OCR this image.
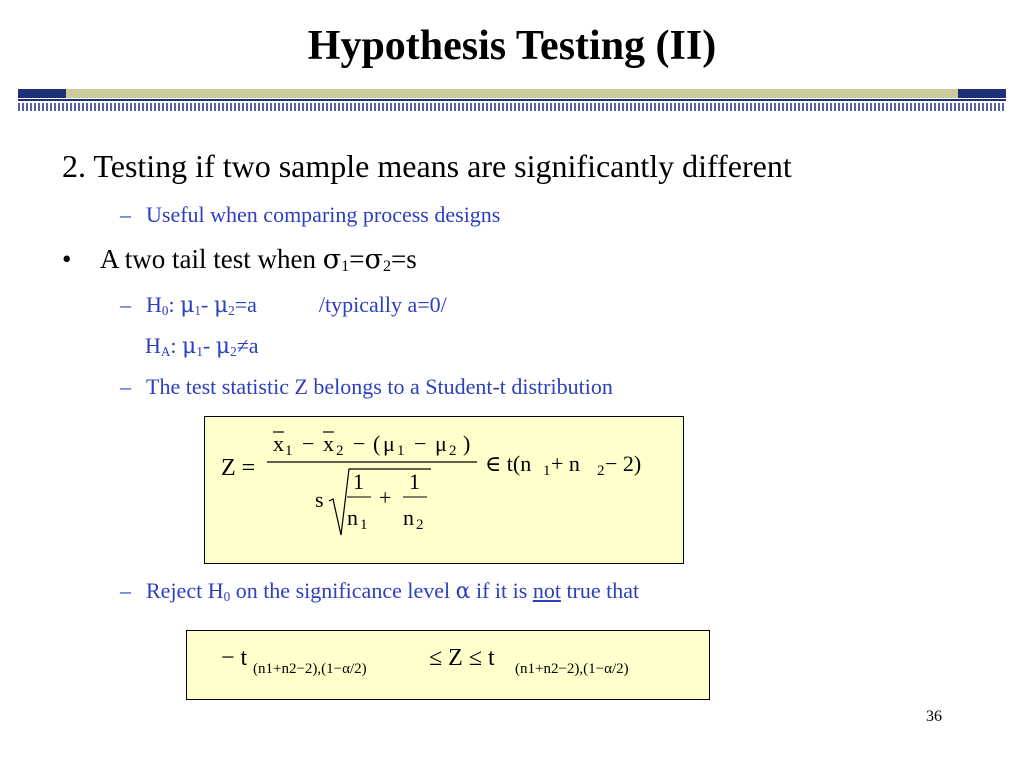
Hypothesis Testing (II)
2. Testing if two sample means are significantly different
– Useful when comparing process designs
• A two tail test when $\sigma_1=\sigma_2=s$
– $H_0$: $\mu_1-$ $\mu_2=a$	/typically a=0/
$H_A$: $\mu_1-$ $\mu_2\ne a$
– The test statistic Z belongs to a Student-t distribution
Z =
x 1 − x 2 − ( μ 1 − μ 2 )
s
1
n 1
+
1
n 2
∈ t(n 1 + n 2 − 2)
– Reject $H_0$ on the significance level α if it is not true that
− t (n1+n2−2),(1−α/2)	≤ Z ≤ t (n1+n2−2),(1−α/2)
36
